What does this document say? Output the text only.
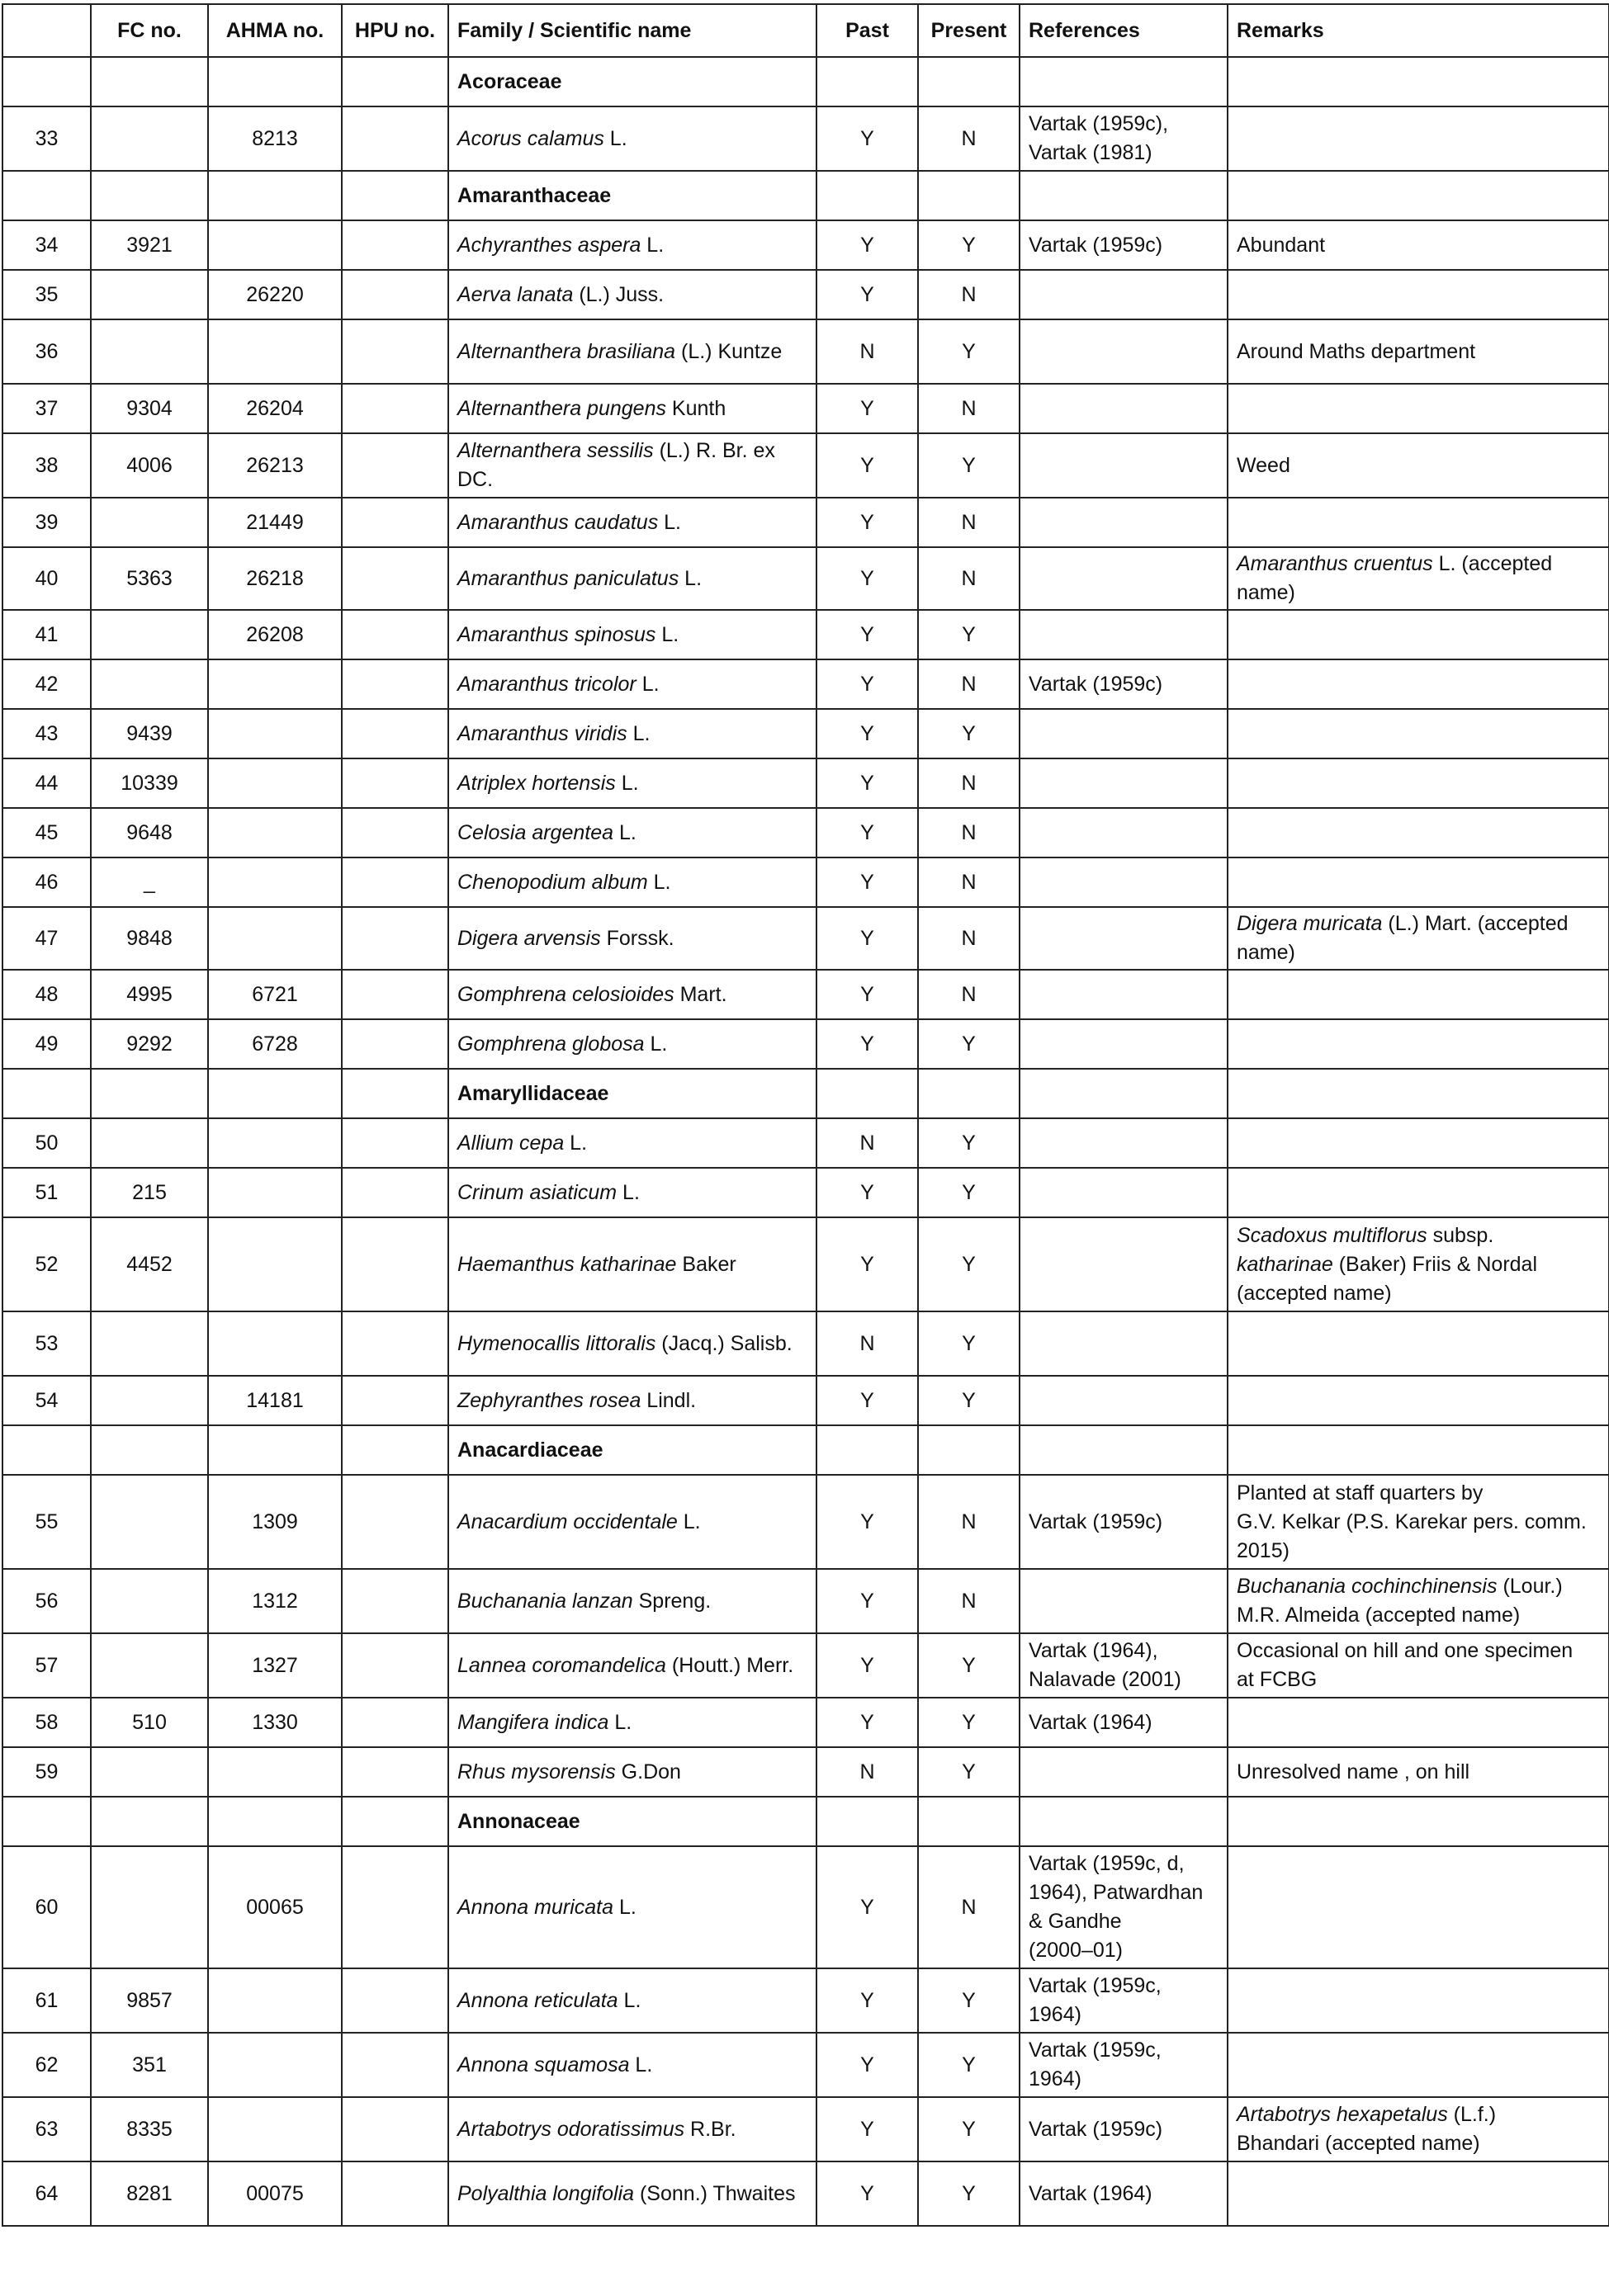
	FC no.	AHMA no.	HPU no.	Family / Scientific name	Past	Present	References	Remarks
				Acoraceae				
33		8213		Acorus calamus L.	Y	N	Vartak (1959c),
Vartak (1981)	
				Amaranthaceae				
34	3921			Achyranthes aspera L.	Y	Y	Vartak (1959c)	Abundant
35		26220		Aerva lanata (L.) Juss.	Y	N		
36				Alternanthera brasiliana (L.) Kuntze	N	Y		Around Maths department
37	9304	26204		Alternanthera pungens Kunth	Y	N		
38	4006	26213		Alternanthera sessilis (L.) R. Br. ex DC.	Y	Y		Weed
39		21449		Amaranthus caudatus L.	Y	N		
40	5363	26218		Amaranthus paniculatus L.	Y	N		Amaranthus cruentus L. (accepted name)
41		26208		Amaranthus spinosus L.	Y	Y		
42				Amaranthus tricolor L.	Y	N	Vartak (1959c)	
43	9439			Amaranthus viridis L.	Y	Y		
44	10339			Atriplex hortensis L.	Y	N		
45	9648			Celosia argentea L.	Y	N		
46	_			Chenopodium album L.	Y	N		
47	9848			Digera arvensis Forssk.	Y	N		Digera muricata (L.) Mart. (accepted name)
48	4995	6721		Gomphrena celosioides Mart.	Y	N		
49	9292	6728		Gomphrena globosa L.	Y	Y		
				Amaryllidaceae				
50				Allium cepa L.	N	Y		
51	215			Crinum asiaticum L.	Y	Y		
52	4452			Haemanthus katharinae Baker	Y	Y		Scadoxus multiflorus subsp.
katharinae (Baker) Friis & Nordal
(accepted name)
53				Hymenocallis littoralis (Jacq.) Salisb.	N	Y		
54		14181		Zephyranthes rosea Lindl.	Y	Y		
				Anacardiaceae				
55		1309		Anacardium occidentale L.	Y	N	Vartak (1959c)	Planted at staff quarters by
G.V. Kelkar (P.S. Karekar pers. comm.
2015)
56		1312		Buchanania lanzan Spreng.	Y	N		Buchanania cochinchinensis (Lour.)
M.R. Almeida (accepted name)
57		1327		Lannea coromandelica (Houtt.) Merr.	Y	Y	Vartak (1964),
Nalavade (2001)	Occasional on hill and one specimen
at FCBG
58	510	1330		Mangifera indica L.	Y	Y	Vartak (1964)	
59				Rhus mysorensis G.Don	N	Y		Unresolved name , on hill
				Annonaceae				
60		00065		Annona muricata L.	Y	N	Vartak (1959c, d,
1964), Patwardhan
& Gandhe
(2000–01)	
61	9857			Annona reticulata L.	Y	Y	Vartak (1959c,
1964)	
62	351			Annona squamosa L.	Y	Y	Vartak (1959c,
1964)	
63	8335			Artabotrys odoratissimus R.Br.	Y	Y	Vartak (1959c)	Artabotrys hexapetalus (L.f.)
Bhandari (accepted name)
64	8281	00075		Polyalthia longifolia (Sonn.) Thwaites	Y	Y	Vartak (1964)	
